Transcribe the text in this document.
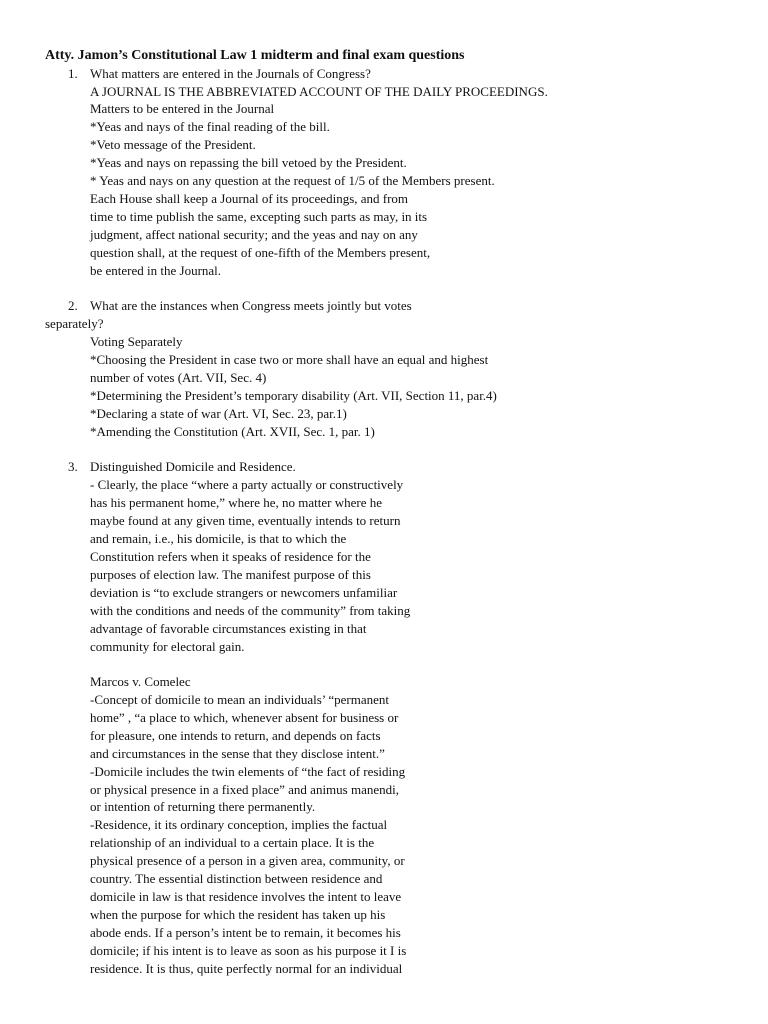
Atty. Jamon’s Constitutional Law 1 midterm and final exam questions
1. What matters are entered in the Journals of Congress?
A JOURNAL IS THE ABBREVIATED ACCOUNT OF THE DAILY PROCEEDINGS.
Matters to be entered in the Journal
*Yeas and nays of the final reading of the bill.
*Veto message of the President.
*Yeas and nays on repassing the bill vetoed by the President.
* Yeas and nays on any question at the request of 1/5 of the Members present.
Each House shall keep a Journal of its proceedings, and from
time to time publish the same, excepting such parts as may, in its
judgment, affect national security; and the yeas and nay on any
question shall, at the request of one-fifth of the Members present,
be entered in the Journal.
2. What are the instances when Congress meets jointly but votes
separately?
Voting Separately
*Choosing the President in case two or more shall have an equal and highest
number of votes (Art. VII, Sec. 4)
*Determining the President’s temporary disability (Art. VII, Section 11, par.4)
*Declaring a state of war (Art. VI, Sec. 23, par.1)
*Amending the Constitution (Art. XVII, Sec. 1, par. 1)
3. Distinguished Domicile and Residence.
- Clearly, the place “where a party actually or constructively
has his permanent home,” where he, no matter where he
maybe found at any given time, eventually intends to return
and remain, i.e., his domicile, is that to which the
Constitution refers when it speaks of residence for the
purposes of election law. The manifest purpose of this
deviation is “to exclude strangers or newcomers unfamiliar
with the conditions and needs of the community” from taking
advantage of favorable circumstances existing in that
community for electoral gain.
Marcos v. Comelec
-Concept of domicile to mean an individuals’ “permanent
home” , “a place to which, whenever absent for business or
for pleasure, one intends to return, and depends on facts
and circumstances in the sense that they disclose intent.”
-Domicile includes the twin elements of “the fact of residing
or physical presence in a fixed place” and animus manendi,
or intention of returning there permanently.
-Residence, it its ordinary conception, implies the factual
relationship of an individual to a certain place. It is the
physical presence of a person in a given area, community, or
country. The essential distinction between residence and
domicile in law is that residence involves the intent to leave
when the purpose for which the resident has taken up his
abode ends. If a person’s intent be to remain, it becomes his
domicile; if his intent is to leave as soon as his purpose it I is
residence. It is thus, quite perfectly normal for an individual
